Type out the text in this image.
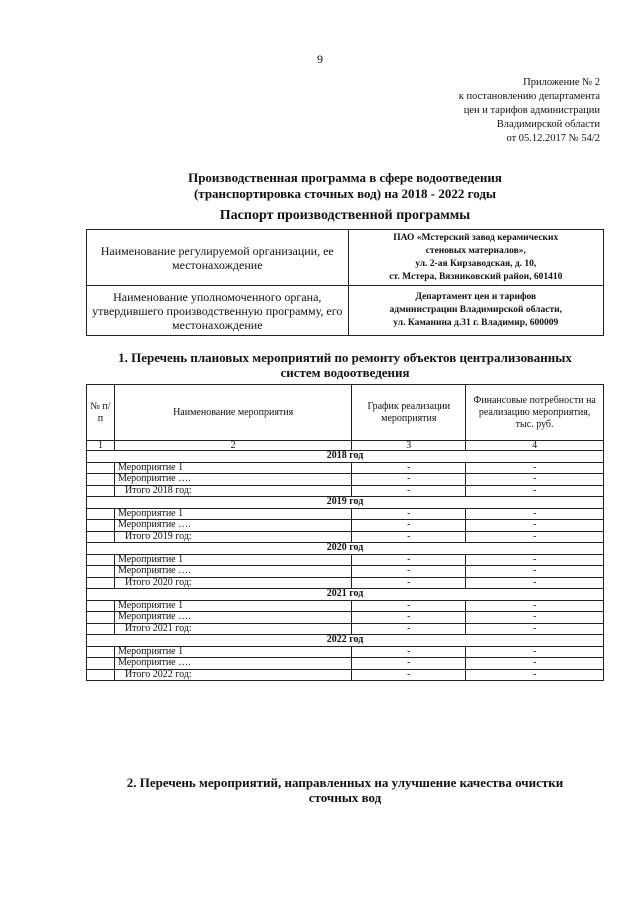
9
Приложение № 2
к постановлению департамента
цен и тарифов администрации
Владимирской области
от 05.12.2017 № 54/2
Производственная программа в сфере водоотведения
(транспортировка сточных вод) на 2018 - 2022 годы
Паспорт производственной программы
Наименование регулируемой организации, ее местонахождение	ПАО «Мстерский завод керамических
стеновых материалов»,
ул. 2-ая Кирзаводская, д. 10,
ст. Мстера, Вязниковский район, 601410

Наименование уполномоченного органа, утвердившего производственную программу, его местонахождение	Департамент цен и тарифов
администрации Владимирской области,
ул. Каманина д.31 г. Владимир, 600009
1. Перечень плановых мероприятий по ремонту объектов централизованных
систем водоотведения
№ п/п	Наименование мероприятия	График реализации мероприятия	Финансовые потребности на реализацию мероприятия, тыс. руб.
1	2	3	4
2018 год			
	Мероприятие 1	-	-
	Мероприятие ….	-	-
	Итого 2018 год:	-	-
2019 год			
	Мероприятие 1	-	-
	Мероприятие ….	-	-
	Итого 2019 год:	-	-
2020 год			
	Мероприятие 1	-	-
	Мероприятие ….	-	-
	Итого 2020 год:	-	-
2021 год			
	Мероприятие 1	-	-
	Мероприятие ….	-	-
	Итого 2021 год:	-	-
2022 год			
	Мероприятие 1	-	-
	Мероприятие ….	-	-
	Итого 2022 год:	-	-
2. Перечень мероприятий, направленных на улучшение качества очистки
сточных вод
